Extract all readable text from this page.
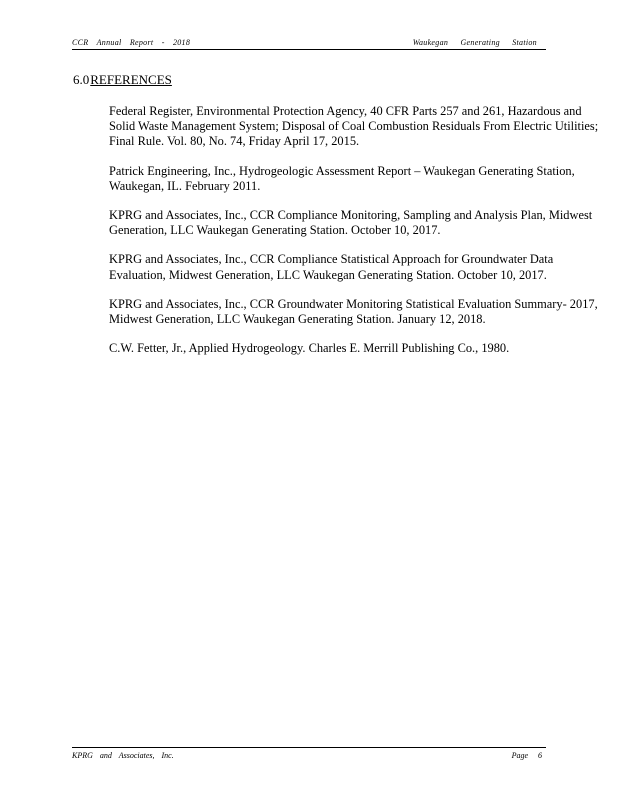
CCR Annual Report - 2018	Waukegan Generating Station
6.0REFERENCES
Federal Register, Environmental Protection Agency, 40 CFR Parts 257 and 261, Hazardous and Solid Waste Management System; Disposal of Coal Combustion Residuals From Electric Utilities; Final Rule. Vol. 80, No. 74, Friday April 17, 2015.
Patrick Engineering, Inc., Hydrogeologic Assessment Report – Waukegan Generating Station, Waukegan, IL. February 2011.
KPRG and Associates, Inc., CCR Compliance Monitoring, Sampling and Analysis Plan, Midwest Generation, LLC Waukegan Generating Station. October 10, 2017.
KPRG and Associates, Inc., CCR Compliance Statistical Approach for Groundwater Data Evaluation, Midwest Generation, LLC Waukegan Generating Station. October 10, 2017.
KPRG and Associates, Inc., CCR Groundwater Monitoring Statistical Evaluation Summary- 2017, Midwest Generation, LLC Waukegan Generating Station. January 12, 2018.
C.W. Fetter, Jr., Applied Hydrogeology. Charles E. Merrill Publishing Co., 1980.
KPRG and Associates, Inc.	Page 6
